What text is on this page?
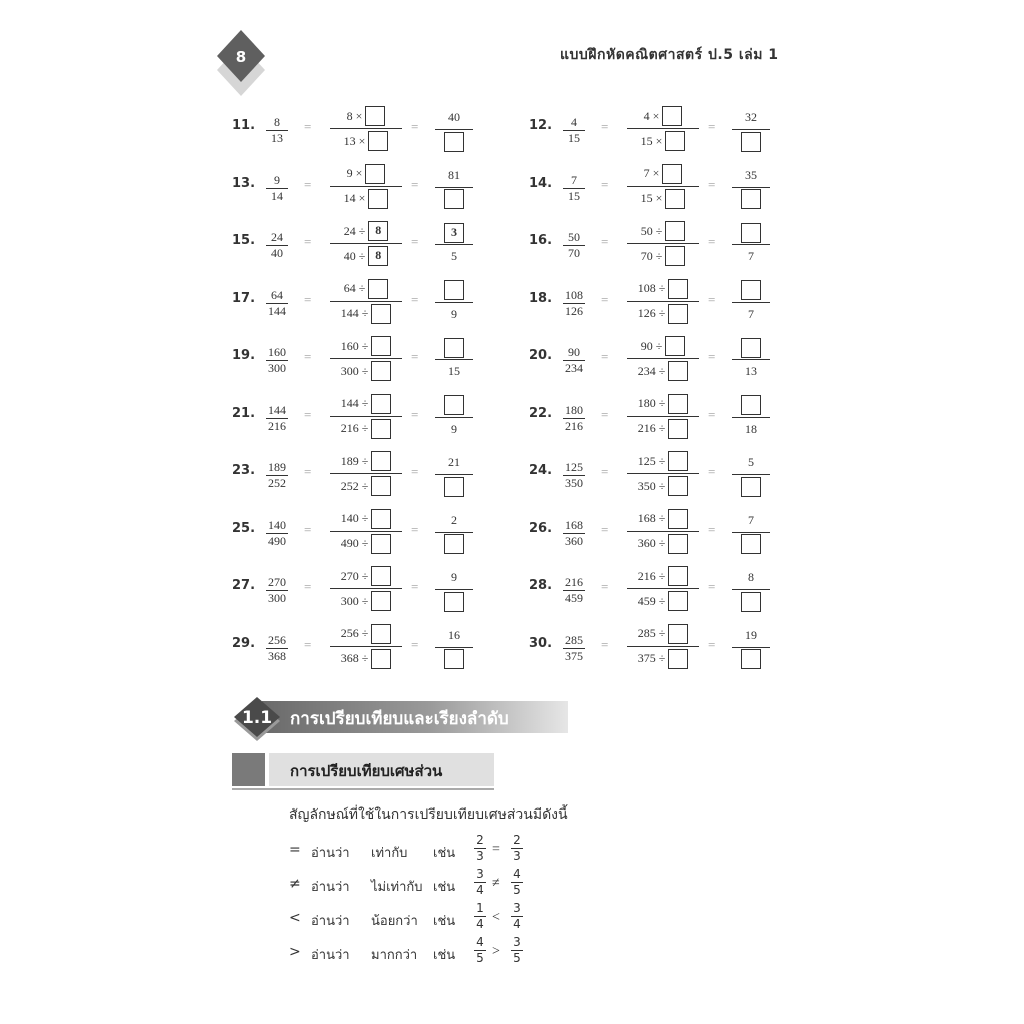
8	แบบฝึกหัดคณิตศาสตร์ ป.5 เล่ม 1
11. 8
13
=
8 ×
13 ×
=
40
12. 4
15
=
4 ×
15 ×
=
32
13. 9
14
=
9 ×
14 ×
=
81
14. 7
15
=
7 ×
15 ×
=
35
15. 24
40
=
24 ÷ 8
40 ÷ 8
=
3
5
16. 50
70
=
50 ÷
70 ÷
=
7
17. 64
144
=
64 ÷
144 ÷
=
9
18. 108
126
=
108 ÷
126 ÷
=
7
19. 160
300
=
160 ÷
300 ÷
=
15
20. 90
234
=
90 ÷
234 ÷
=
13
21. 144
216
=
144 ÷
216 ÷
=
9
22. 180
216
=
180 ÷
216 ÷
=
18
23. 189
252
=
189 ÷
252 ÷
=
21
24. 125
350
=
125 ÷
350 ÷
=
5
25. 140
490
=
140 ÷
490 ÷
=
2
26. 168
360
=
168 ÷
360 ÷
=
7
27. 270
300
=
270 ÷
300 ÷
=
9
28. 216
459
=
216 ÷
459 ÷
=
8
29. 256
368
=
256 ÷
368 ÷
=
16
30. 285
375
=
285 ÷
375 ÷
=
19
1.1 การเปรียบเทียบและเรียงลำดับ
การเปรียบเทียบเศษส่วน
สัญลักษณ์ที่ใช้ในการเปรียบเทียบเศษส่วนมีดังนี้
= อ่านว่า เท่ากับ เช่น
2
3 =
2
3
≠ อ่านว่า ไม่เท่ากับ เช่น
3
4 ≠
4
5
< อ่านว่า น้อยกว่า เช่น
1
4 <
3
4
> อ่านว่า มากกว่า เช่น
4
5 >
3
5
